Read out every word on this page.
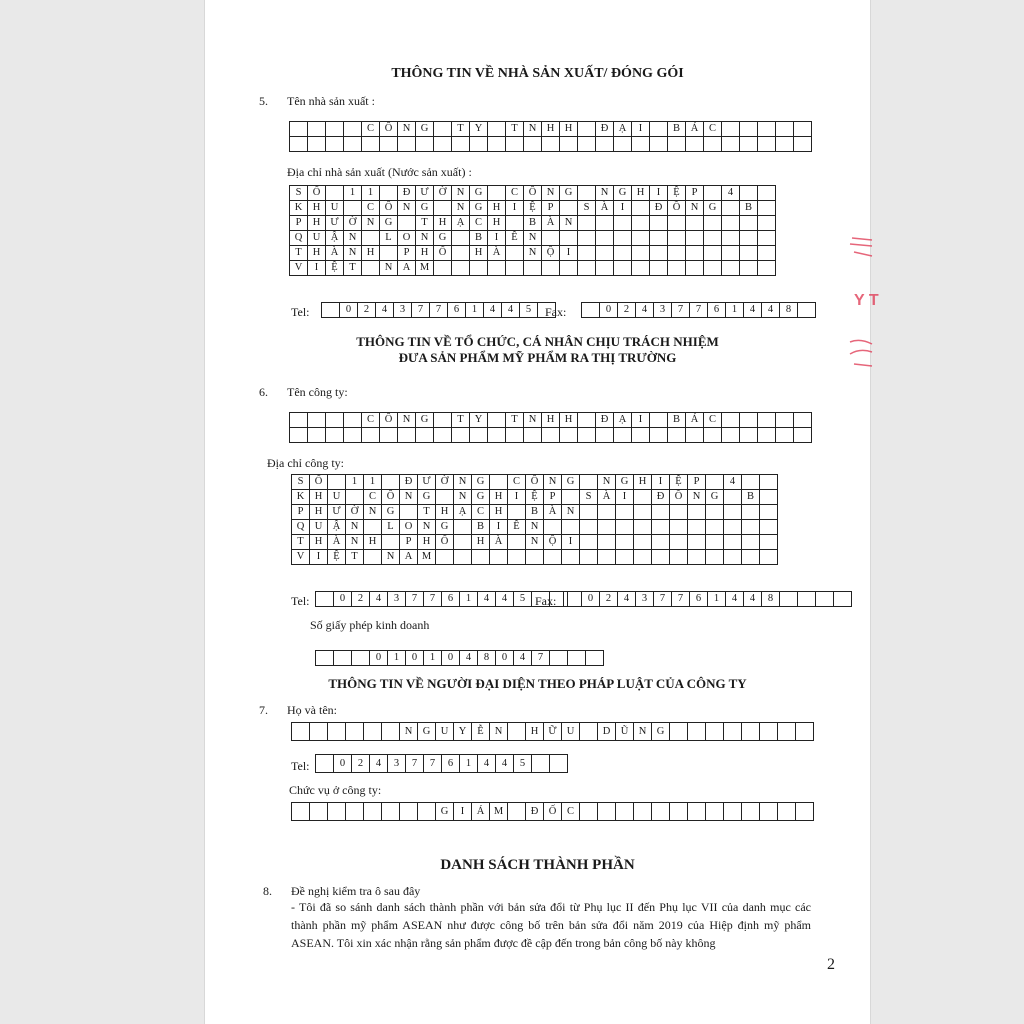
THÔNG TIN VỀ NHÀ SẢN XUẤT/ ĐÓNG GÓI
5. Tên nhà sản xuất :
				C	Ô	N	G		T	Y		T	N	H	H		Đ	Ạ	I		B	Á	C					

Địa chỉ nhà sản xuất (Nước sản xuất) :
S	Ố		1	1		Đ	Ư	Ờ	N	G		C	Ô	N	G		N	G	H	I	Ệ	P		4		
K	H	U		C	Ô	N	G		N	G	H	I	Ệ	P		S	À	I		Đ	Ồ	N	G		B	
P	H	Ư	Ờ	N	G		T	H	Ạ	C	H		B	À	N											
Q	U	Ậ	N		L	O	N	G		B	I	Ê	N													
T	H	À	N	H		P	H	Ố		H	À		N	Ộ	I											
V	I	Ệ	T		N	A	M																			
Tel:
		0	2	4	3	7	7	6	1	4	4	5	Fax:
		0	2	4	3	7	7	6	1	4	4	8	
THÔNG TIN VỀ TỔ CHỨC, CÁ NHÂN CHỊU TRÁCH NHIỆM
ĐƯA SẢN PHẨM MỸ PHẨM RA THỊ TRƯỜNG
6. Tên công ty:
				C	Ô	N	G		T	Y		T	N	H	H		Đ	Ạ	I		B	Á	C					

Địa chỉ công ty:
S	Ố		1	1		Đ	Ư	Ờ	N	G		C	Ô	N	G		N	G	H	I	Ệ	P		4		
K	H	U		C	Ô	N	G		N	G	H	I	Ệ	P		S	À	I		Đ	Ồ	N	G		B	
P	H	Ư	Ờ	N	G		T	H	Ạ	C	H		B	À	N											
Q	U	Ậ	N		L	O	N	G		B	I	Ê	N													
T	H	À	N	H		P	H	Ố		H	À		N	Ộ	I											
V	I	Ệ	T		N	A	M																			
Tel:
		0	2	4	3	7	7	6	1	4	4	5		Fax:
		0	2	4	3	7	7	6	1	4	4	8				
Số giấy phép kinh doanh
			0	1	0	1	0	4	8	0	4	7			
THÔNG TIN VỀ NGƯỜI ĐẠI DIỆN THEO PHÁP LUẬT CỦA CÔNG TY
7. Họ và tên:
						N	G	U	Y	Ễ	N		H	Ữ	U		D	Ũ	N	G								
Tel:
		0	2	4	3	7	7	6	1	4	4	5		
Chức vụ ở công ty:
								G	I	Á	M		Đ	Ố	C													
DANH SÁCH THÀNH PHẦN
8. Đề nghị kiểm tra ô sau đây
- Tôi đã so sánh danh sách thành phần với bản sửa đổi từ Phụ lục II đến Phụ lục VII của danh mục các thành phần mỹ phẩm ASEAN như được công bố trên bản sửa đổi năm 2019 của Hiệp định mỹ phẩm ASEAN. Tôi xin xác nhận rằng sản phẩm được đề cập đến trong bản công bố này không
2
Y T
